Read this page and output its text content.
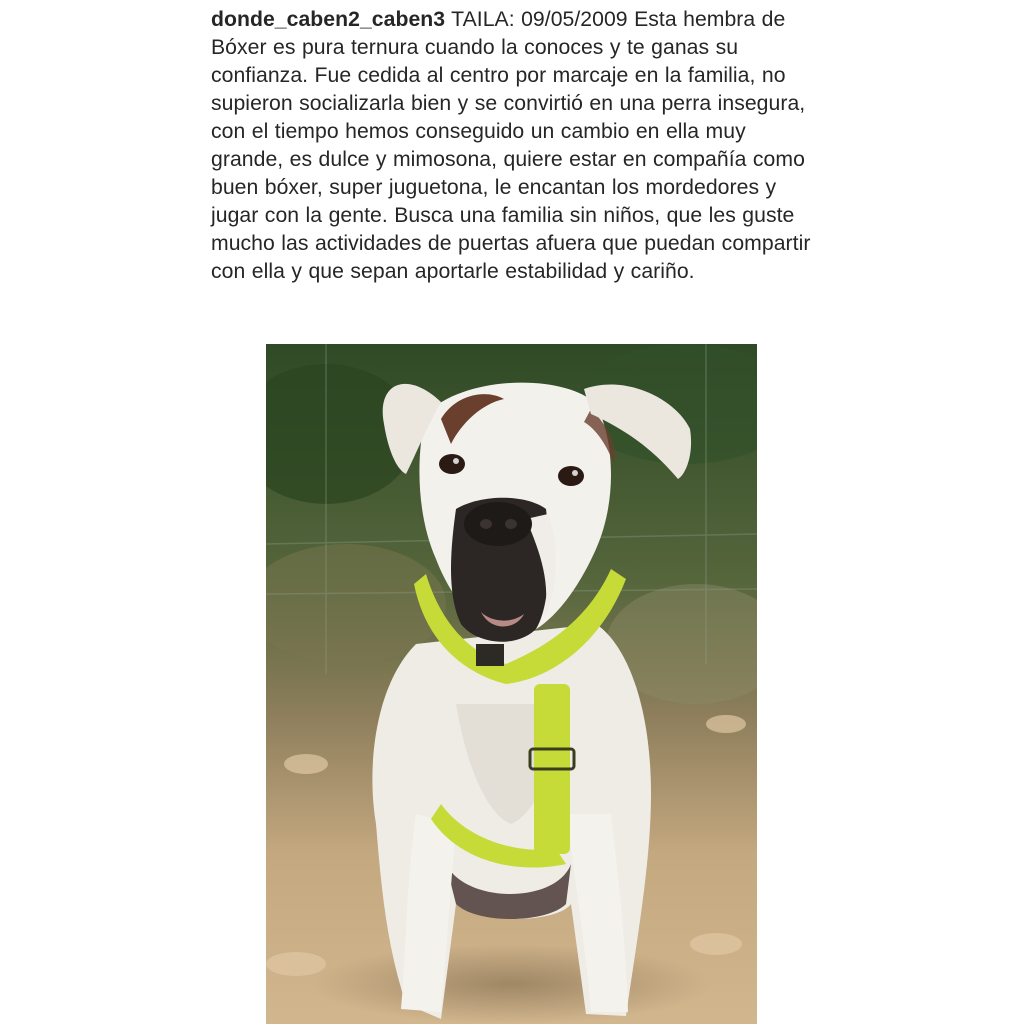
donde_caben2_caben3 TAILA: 09/05/2009 Esta hembra de Bóxer es pura ternura cuando la conoces y te ganas su confianza. Fue cedida al centro por marcaje en la familia, no supieron socializarla bien y se convirtió en una perra insegura, con el tiempo hemos conseguido un cambio en ella muy grande, es dulce y mimosona, quiere estar en compañía como buen bóxer, super juguetona, le encantan los mordedores y jugar con la gente. Busca una familia sin niños, que les guste mucho las actividades de puertas afuera que puedan compartir con ella y que sepan aportarle estabilidad y cariño.
